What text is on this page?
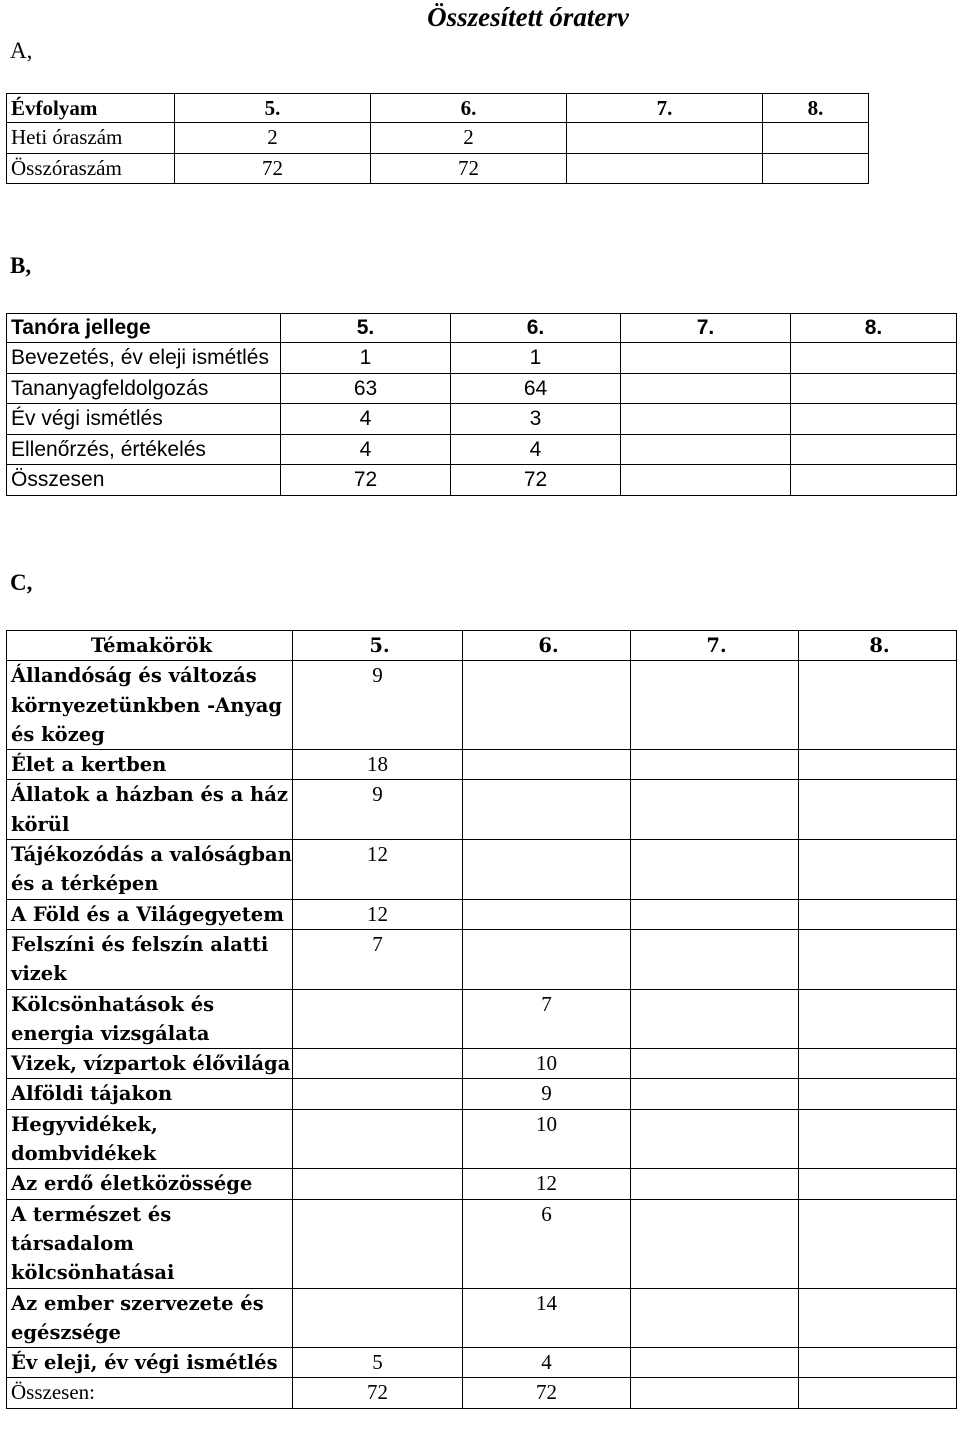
Összesített óraterv
A,
Évfolyam	5.	6.	7.	8.
Heti óraszám	2	2		
Összóraszám	72	72		
B,
Tanóra jellege	5.	6.	7.	8.
Bevezetés, év eleji ismétlés	1	1		
Tananyagfeldolgozás	63	64		
Év végi ismétlés	4	3		
Ellenőrzés, értékelés	4	4		
Összesen	72	72		
C,
Témakörök	5.	6.	7.	8.
Állandóság és változás környezetünkben -Anyag és közeg	9			
Élet a kertben	18			
Állatok a házban és a ház körül	9			
Tájékozódás a valóságban és a térképen	12			
A Föld és a Világegyetem	12			
Felszíni és felszín alatti vizek	7			
Kölcsönhatások és energia vizsgálata		7		
Vizek, vízpartok élővilága		10		
Alföldi tájakon		9		
Hegyvidékek, dombvidékek		10		
Az erdő életközössége		12		
A természet és társadalom kölcsönhatásai		6		
Az ember szervezete és egészsége		14		
Év eleji, év végi ismétlés	5	4		
Összesen:	72	72		
